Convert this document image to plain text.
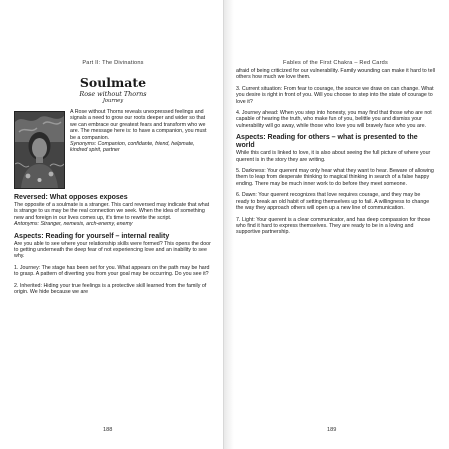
Part II: The Divinations
Soulmate

Rose without Thorns

Journey

A Rose without Thorns reveals unexpressed feelings and signals a need to grow our roots deeper and wider so that we can embrace our greatest fears and transform who we are. The message here is: to have a companion, you must be a companion.

Synonyms: Companion, confidante, friend, helpmate, kindred spirit, partner

Reversed: What opposes exposes

The opposite of a soulmate is a stranger. This card reversed may indicate that what is strange to us may be the real connection we seek. When the idea of something new and foreign in our lives comes up, it's time to rewrite the script.

Antonyms: Stranger, nemesis, arch-enemy, enemy

Aspects: Reading for yourself – internal reality

Are you able to see where your relationship skills were formed? This opens the door to getting underneath the deep fear of not experiencing love and an inability to see why.

1. Journey: The stage has been set for you. What appears on the path may be hard to grasp. A pattern of diverting you from your goal may be occurring. Do you see it?

2. Inherited: Hiding your true feelings is a protective skill learned from the family of origin. We hide because we are

188
Fables of the First Chakra – Red Cards

afraid of being criticized for our vulnerability. Family wounding can make it hard to tell others how much we love them.

3. Current situation: From fear to courage, the source we draw on can change. What you desire is right in front of you. Will you choose to step into the state of courage to love it?

4. Journey ahead: When you step into honesty, you may find that those who are not capable of hearing the truth, who make fun of you, belittle you and dismiss your vulnerability will go away, while those who love you will bravely face who you are.

Aspects: Reading for others – what is presented to the world

While this card is linked to love, it is also about seeing the full picture of where your querent is in the story they are writing.

5. Darkness: Your querent may only hear what they want to hear. Beware of allowing them to leap from desperate thinking to magical thinking in search of a false happy ending. There may be much inner work to do before they meet someone.

6. Dawn: Your querent recognizes that love requires courage, and they may be ready to break an old habit of setting themselves up to fail. A willingness to change the way they approach others will open up a new line of communication.

7. Light: Your querent is a clear communicator, and has deep compassion for those who find it hard to express themselves. They are ready to be in a loving and supportive partnership.

189
